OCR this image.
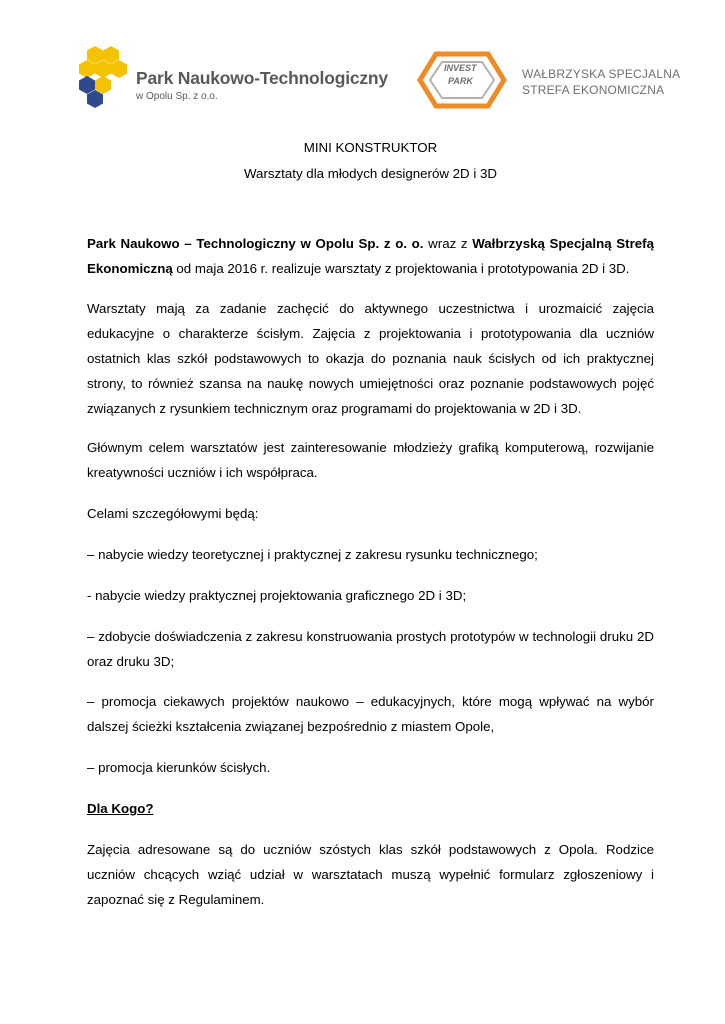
Park Naukowo-Technologiczny
w Opolu Sp. z o.o.
INVEST
PARK	WAŁBRZYSKA SPECJALNA
STREFA EKONOMICZNA
MINI KONSTRUKTOR
Warsztaty dla młodych designerów 2D i 3D

Park Naukowo – Technologiczny w Opolu Sp. z o. o. wraz z Wałbrzyską Specjalną Strefą Ekonomiczną od maja 2016 r. realizuje warsztaty z projektowania i prototypowania 2D i 3D.

Warsztaty mają za zadanie zachęcić do aktywnego uczestnictwa i urozmaicić zajęcia edukacyjne o charakterze ścisłym. Zajęcia z projektowania i prototypowania dla uczniów ostatnich klas szkół podstawowych to okazja do poznania nauk ścisłych od ich praktycznej strony, to również szansa na naukę nowych umiejętności oraz poznanie podstawowych pojęć związanych z rysunkiem technicznym oraz programami do projektowania w 2D i 3D.

Głównym celem warsztatów jest zainteresowanie młodzieży grafiką komputerową, rozwijanie kreatywności uczniów i ich współpraca.

Celami szczegółowymi będą:

– nabycie wiedzy teoretycznej i praktycznej z zakresu rysunku technicznego;

- nabycie wiedzy praktycznej projektowania graficznego 2D i 3D;

– zdobycie doświadczenia z zakresu konstruowania prostych prototypów w technologii druku 2D oraz druku 3D;

– promocja ciekawych projektów naukowo – edukacyjnych, które mogą wpływać na wybór dalszej ścieżki kształcenia związanej bezpośrednio z miastem Opole,

– promocja kierunków ścisłych.

Dla Kogo?

Zajęcia adresowane są do uczniów szóstych klas szkół podstawowych z Opola. Rodzice uczniów chcących wziąć udział w warsztatach muszą wypełnić formularz zgłoszeniowy i zapoznać się z Regulaminem.
